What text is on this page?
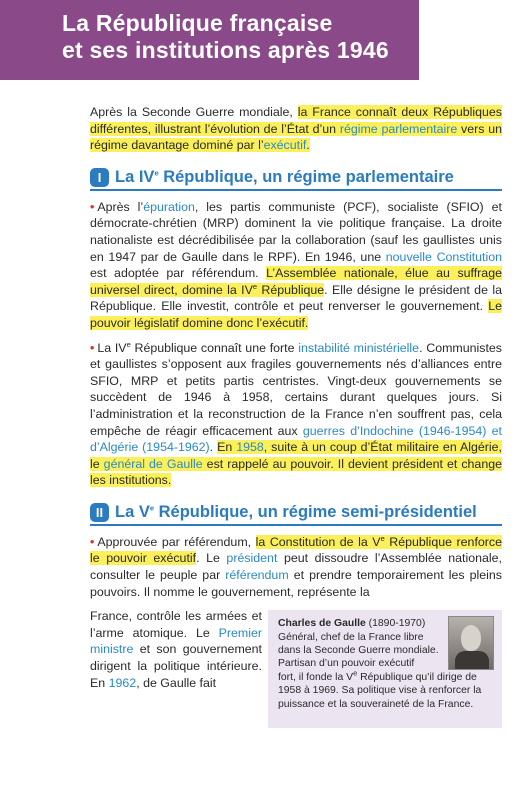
La République française
et ses institutions après 1946

Après la Seconde Guerre mondiale, la France connaît deux Républiques différentes, illustrant l’évolution de l’État d’un régime parlementaire vers un régime davantage dominé par l’exécutif.

I La IVe République, un régime parlementaire

• Après l’épuration, les partis communiste (PCF), socialiste (SFIO) et démocrate-chrétien (MRP) dominent la vie politique française. La droite nationaliste est décrédibilisée par la collaboration (sauf les gaullistes unis en 1947 par de Gaulle dans le RPF). En 1946, une nouvelle Constitution est adoptée par référendum. L’Assemblée nationale, élue au suffrage universel direct, domine la IVe République. Elle désigne le président de la République. Elle investit, contrôle et peut renverser le gouvernement. Le pouvoir législatif domine donc l’exécutif.

• La IVe République connaît une forte instabilité ministérielle. Communistes et gaullistes s’opposent aux fragiles gouvernements nés d’alliances entre SFIO, MRP et petits partis centristes. Vingt-deux gouvernements se succèdent de 1946 à 1958, certains durant quelques jours. Si l’administration et la reconstruction de la France n’en souffrent pas, cela empêche de réagir efficacement aux guerres d’Indochine (1946-1954) et d’Algérie (1954-1962). En 1958, suite à un coup d’État militaire en Algérie, le général de Gaulle est rappelé au pouvoir. Il devient président et change les institutions.

II La Ve République, un régime semi-présidentiel

• Approuvée par référendum, la Constitution de la Ve République renforce le pouvoir exécutif. Le président peut dissoudre l’Assemblée nationale, consulter le peuple par référendum et prendre temporairement les pleins pouvoirs. Il nomme le gouvernement, représente la

France, contrôle les armées et l’arme atomique. Le Premier ministre et son gouvernement dirigent la politique intérieure. En 1962, de Gaulle fait

Charles de Gaulle (1890-1970)
Général, chef de la France libre dans la Seconde Guerre mondiale. Partisan d’un pouvoir exécutif
fort, il fonde la Ve République qu’il dirige de 1958 à 1969. Sa politique vise à renforcer la puissance et la souveraineté de la France.
